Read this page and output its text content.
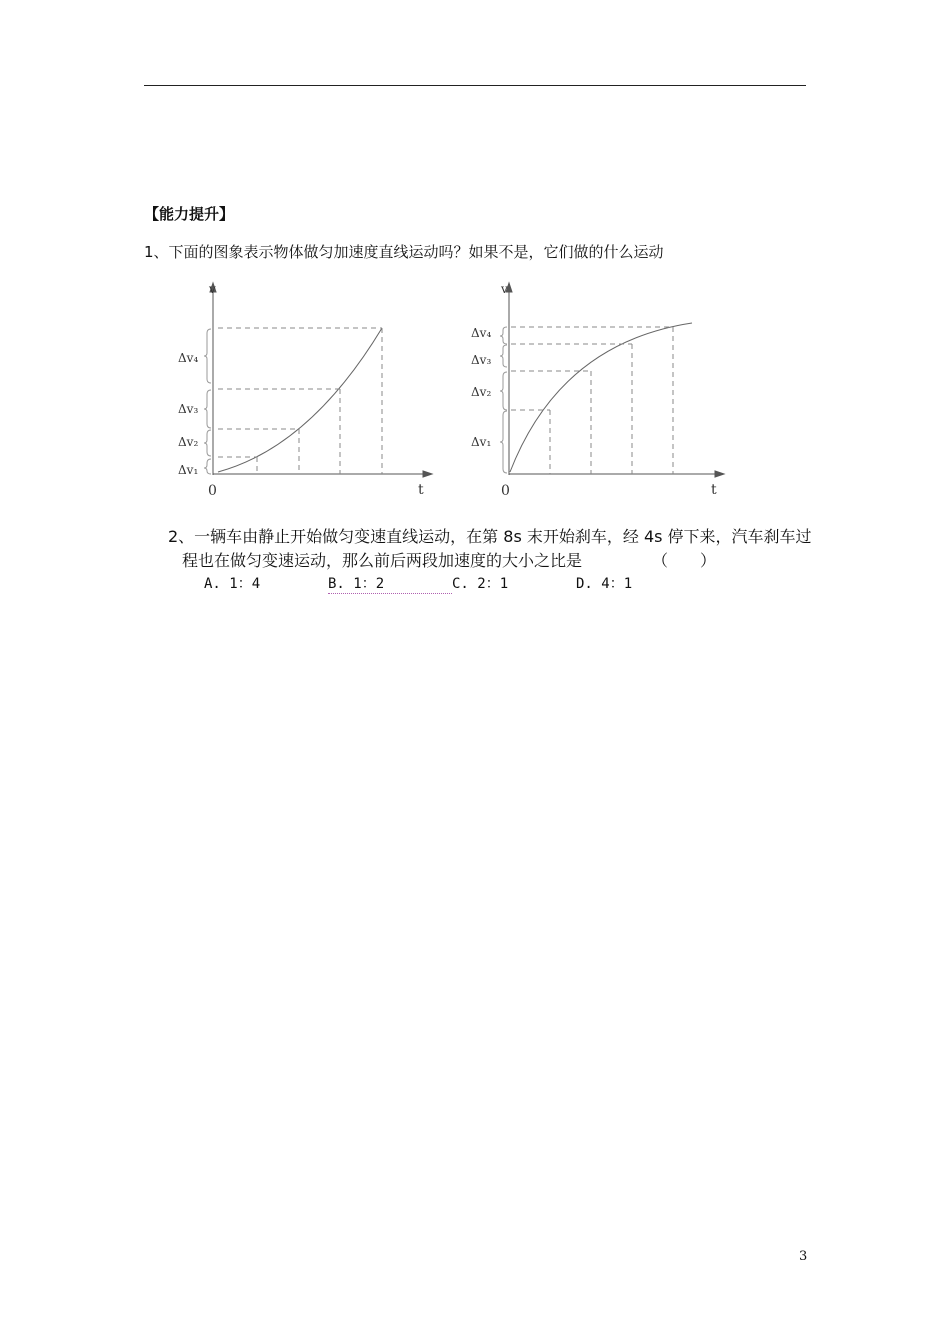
【能力提升】
1、下面的图象表示物体做匀加速度直线运动吗？如果不是，它们做的什么运动
v
t
0
Δv₁
Δv₂
Δv₃
Δv₄
v
t
0
Δv₁
Δv₂
Δv₃
Δv₄
2、一辆车由静止开始做匀变速直线运动，在第 8s 末开始刹车，经 4s 停下来，汽车刹车过
程也在做匀变速运动，那么前后两段加速度的大小之比是	（　　）
A. 1：4	B. 1：2	C. 2：1	D. 4：1
3
